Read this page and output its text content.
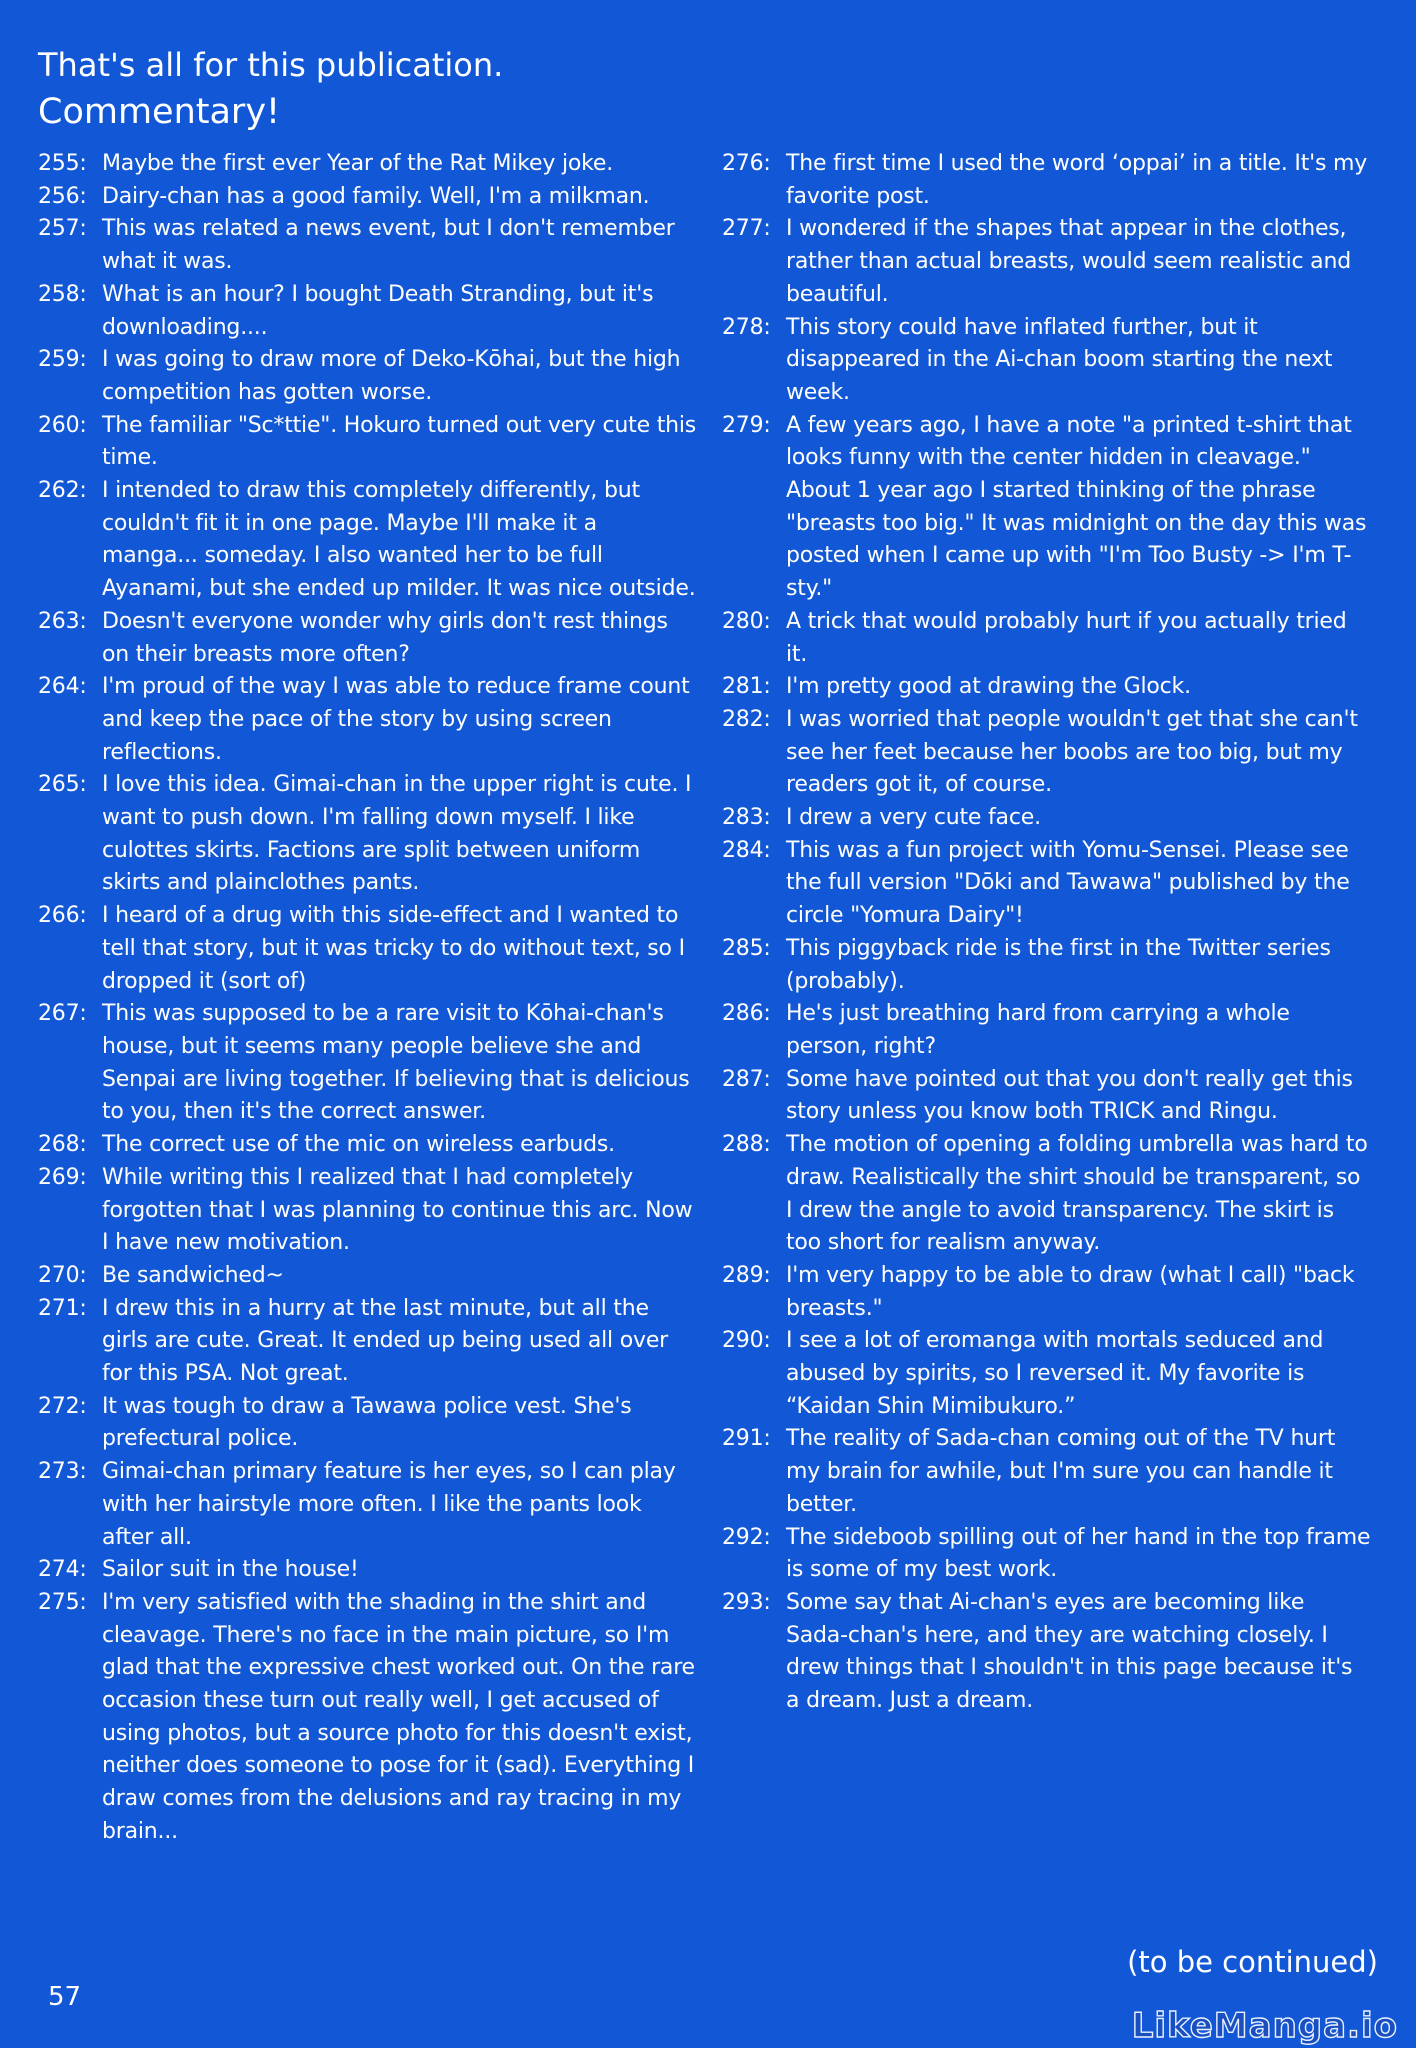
That's all for this publication.
Commentary!
255: Maybe the first ever Year of the Rat Mikey joke.
256: Dairy-chan has a good family. Well, I'm a milkman.
257: This was related a news event, but I don't remember what it was.
258: What is an hour? I bought Death Stranding, but it's downloading....
259: I was going to draw more of Deko-Kōhai, but the high competition has gotten worse.
260: The familiar "Sc*ttie". Hokuro turned out very cute this time.
262: I intended to draw this completely differently, but couldn't fit it in one page. Maybe I'll make it a manga... someday. I also wanted her to be full Ayanami, but she ended up milder. It was nice outside.
263: Doesn't everyone wonder why girls don't rest things on their breasts more often?
264: I'm proud of the way I was able to reduce frame count and keep the pace of the story by using screen reflections.
265: I love this idea. Gimai-chan in the upper right is cute. I want to push down. I'm falling down myself. I like culottes skirts. Factions are split between uniform skirts and plainclothes pants.
266: I heard of a drug with this side-effect and I wanted to tell that story, but it was tricky to do without text, so I dropped it (sort of)
267: This was supposed to be a rare visit to Kōhai-chan's house, but it seems many people believe she and Senpai are living together. If believing that is delicious to you, then it's the correct answer.
268: The correct use of the mic on wireless earbuds.
269: While writing this I realized that I had completely forgotten that I was planning to continue this arc. Now I have new motivation.
270: Be sandwiched~
271: I drew this in a hurry at the last minute, but all the girls are cute. Great. It ended up being used all over for this PSA. Not great.
272: It was tough to draw a Tawawa police vest. She's prefectural police.
273: Gimai-chan primary feature is her eyes, so I can play with her hairstyle more often. I like the pants look after all.
274: Sailor suit in the house!
275: I'm very satisfied with the shading in the shirt and cleavage. There's no face in the main picture, so I'm glad that the expressive chest worked out. On the rare occasion these turn out really well, I get accused of using photos, but a source photo for this doesn't exist, neither does someone to pose for it (sad). Everything I draw comes from the delusions and ray tracing in my brain...
276: The first time I used the word ‘oppai’ in a title. It's my favorite post.
277: I wondered if the shapes that appear in the clothes, rather than actual breasts, would seem realistic and beautiful.
278: This story could have inflated further, but it disappeared in the Ai-chan boom starting the next week.
279: A few years ago, I have a note "a printed t-shirt that looks funny with the center hidden in cleavage." About 1 year ago I started thinking of the phrase "breasts too big." It was midnight on the day this was posted when I came up with "I'm Too Busty -> I'm T-sty."
280: A trick that would probably hurt if you actually tried it.
281: I'm pretty good at drawing the Glock.
282: I was worried that people wouldn't get that she can't see her feet because her boobs are too big, but my readers got it, of course.
283: I drew a very cute face.
284: This was a fun project with Yomu-Sensei. Please see the full version "Dōki and Tawawa" published by the circle "Yomura Dairy"!
285: This piggyback ride is the first in the Twitter series (probably).
286: He's just breathing hard from carrying a whole person, right?
287: Some have pointed out that you don't really get this story unless you know both TRICK and Ringu.
288: The motion of opening a folding umbrella was hard to draw. Realistically the shirt should be transparent, so I drew the angle to avoid transparency. The skirt is too short for realism anyway.
289: I'm very happy to be able to draw (what I call) "back breasts."
290: I see a lot of eromanga with mortals seduced and abused by spirits, so I reversed it. My favorite is “Kaidan Shin Mimibukuro.”
291: The reality of Sada-chan coming out of the TV hurt my brain for awhile, but I'm sure you can handle it better.
292: The sideboob spilling out of her hand in the top frame is some of my best work.
293: Some say that Ai-chan's eyes are becoming like Sada-chan's here, and they are watching closely. I drew things that I shouldn't in this page because it's a dream. Just a dream.
(to be continued)
57
LikeManga.io
